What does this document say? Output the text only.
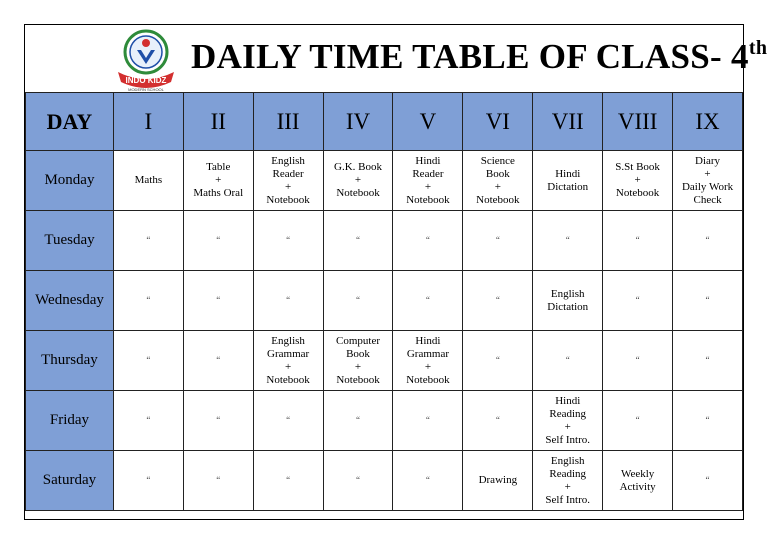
INDO KIDZ
MODERN SCHOOL
DAILY TIME TABLE OF CLASS- 4th
DAY	I	II	III	IV	V	VI	VII	VIII	IX
Monday	Maths	Table
+
Maths Oral	English
Reader
+
Notebook	G.K. Book
+
Notebook	Hindi
Reader
+
Notebook	Science
Book
+
Notebook	Hindi
Dictation	S.St Book
+
Notebook	Diary
+
Daily Work
Check

Tuesday	“	“	“	“	“	“	“	“	“

Wednesday	“	“	“	“	“	“	English
Dictation	“	“

Thursday	“	“	English
Grammar
+
Notebook	Computer
Book
+
Notebook	Hindi
Grammar
+
Notebook	“	“	“	“

Friday	“	“	“	“	“	“	Hindi
Reading
+
Self Intro.	“	“

Saturday	“	“	“	“	“	Drawing	English
Reading
+
Self Intro.	Weekly
Activity	“
